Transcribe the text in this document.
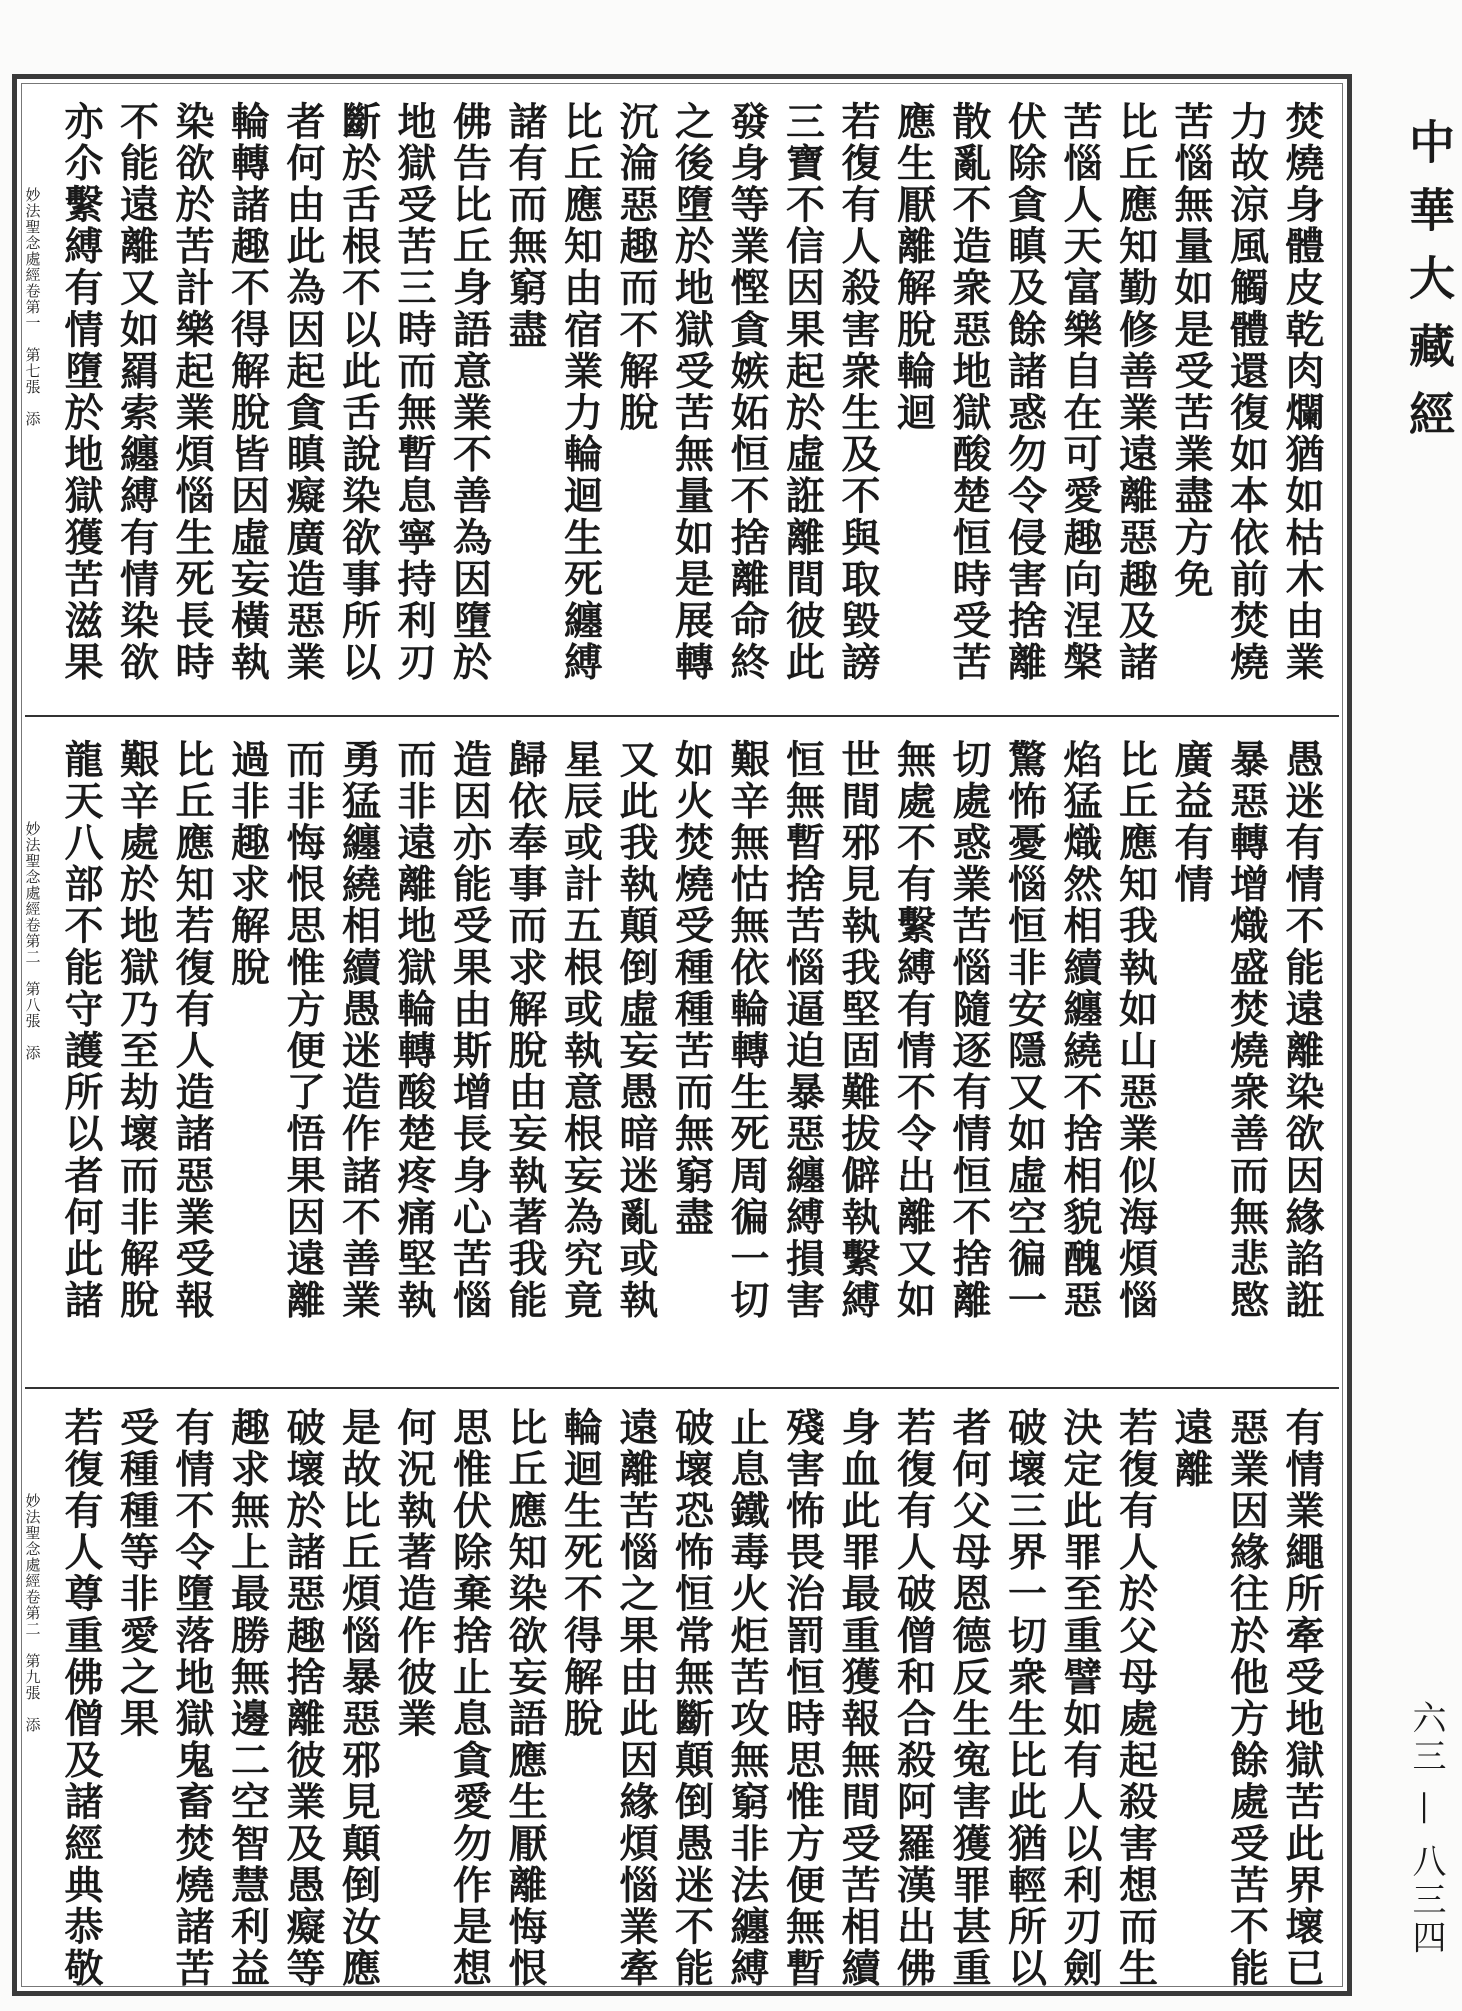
中華大藏經
六三 — 八三四
焚燒身體皮乾肉爛猶如枯木由業
力故涼風觸體還復如本依前焚燒
苦惱無量如是受苦業盡方免
比丘應知勤修善業遠離惡趣及諸
苦惱人天富樂自在可愛趣向涅槃
伏除貪瞋及餘諸惑勿令侵害捨離
散亂不造衆惡地獄酸楚恒時受苦
應生厭離解脫輪迴
若復有人殺害衆生及不與取毀謗
三寶不信因果起於虛誑離間彼此
發身等業慳貪嫉妬恒不捨離命終
之後墮於地獄受苦無量如是展轉
沉淪惡趣而不解脫
比丘應知由宿業力輪迴生死纏縛
諸有而無窮盡
佛告比丘身語意業不善為因墮於
地獄受苦三時而無暫息寧持利刃
斷於舌根不以此舌說染欲事所以
者何由此為因起貪瞋癡廣造惡業
輪轉諸趣不得解脫皆因虛妄橫執
染欲於苦計樂起業煩惱生死長時
不能遠離又如羂索纏縛有情染欲
亦尒繫縛有情墮於地獄獲苦滋果
妙法聖念處經卷第一　第七張　添
愚迷有情不能遠離染欲因緣諂誑
暴惡轉增熾盛焚燒衆善而無悲愍
廣益有情
比丘應知我執如山惡業似海煩惱
焰猛熾然相續纏繞不捨相貌醜惡
驚怖憂惱恒非安隱又如虛空徧一
切處惑業苦惱隨逐有情恒不捨離
無處不有繫縛有情不令出離又如
世間邪見執我堅固難拔僻執繫縛
恒無暫捨苦惱逼迫暴惡纏縛損害
艱辛無怙無依輪轉生死周徧一切
如火焚燒受種種苦而無窮盡
又此我執顛倒虛妄愚暗迷亂或執
星辰或計五根或執意根妄為究竟
歸依奉事而求解脫由妄執著我能
造因亦能受果由斯增長身心苦惱
而非遠離地獄輪轉酸楚疼痛堅執
勇猛纏繞相續愚迷造作諸不善業
而非悔恨思惟方便了悟果因遠離
過非趣求解脫
比丘應知若復有人造諸惡業受報
艱辛處於地獄乃至劫壞而非解脫
龍天八部不能守護所以者何此諸
妙法聖念處經卷第二　第八張　添
有情業繩所牽受地獄苦此界壞已
惡業因緣往於他方餘處受苦不能
遠離
若復有人於父母處起殺害想而生
決定此罪至重譬如有人以利刃劍
破壞三界一切衆生比此猶輕所以
者何父母恩德反生寃害獲罪甚重
若復有人破僧和合殺阿羅漢出佛
身血此罪最重獲報無間受苦相續
殘害怖畏治罰恒時思惟方便無暫
止息鐵毒火炬苦攻無窮非法纏縛
破壞恐怖恒常無斷顛倒愚迷不能
遠離苦惱之果由此因緣煩惱業牽
輪迴生死不得解脫
比丘應知染欲妄語應生厭離悔恨
思惟伏除棄捨止息貪愛勿作是想
何況執著造作彼業
是故比丘煩惱暴惡邪見顛倒汝應
破壞於諸惡趣捨離彼業及愚癡等
趣求無上最勝無邊二空智慧利益
有情不令墮落地獄鬼畜焚燒諸苦
受種種等非愛之果
若復有人尊重佛僧及諸經典恭敬
妙法聖念處經卷第二　第九張　添
